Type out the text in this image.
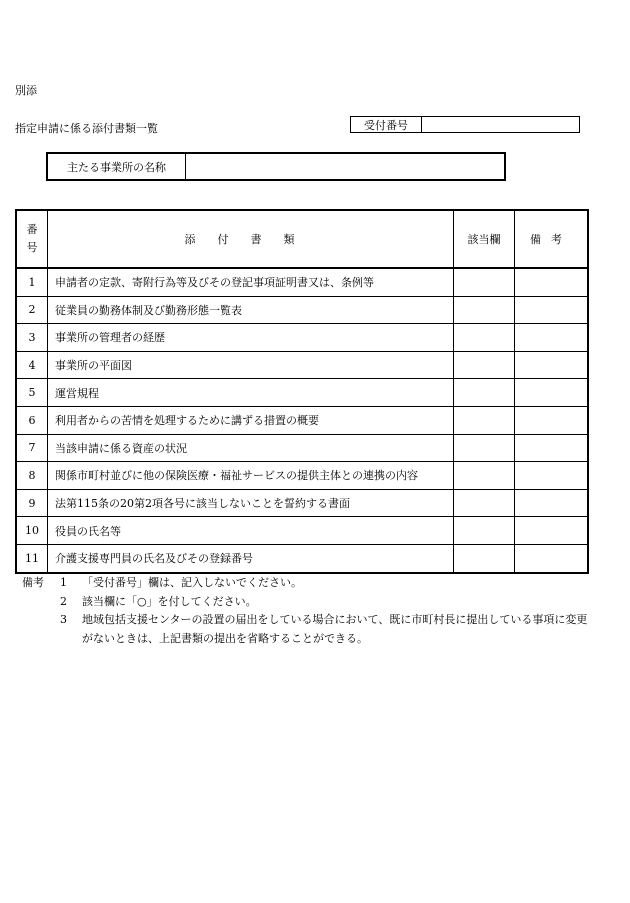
別添
指定申請に係る添付書類一覧	受付番号
主たる事業所の名称
番
号	添付書類	該当欄	備考
1	申請者の定款、寄附行為等及びその登記事項証明書又は、条例等		
2	従業員の勤務体制及び勤務形態一覧表		
3	事業所の管理者の経歴		
4	事業所の平面図		
5	運営規程		
6	利用者からの苦情を処理するために講ずる措置の概要		
7	当該申請に係る資産の状況		
8	関係市町村並びに他の保険医療・福祉サービスの提供主体との連携の内容		
9	法第115条の20第2項各号に該当しないことを誓約する書面		
10	役員の氏名等		
11	介護支援専門員の氏名及びその登録番号		
備考	1	「受付番号」欄は、記入しないでください。
2	該当欄に「○」を付してください。
3	地域包括支援センターの設置の届出をしている場合において、既に市町村長に提出している事項に変更
がないときは、上記書類の提出を省略することができる。
